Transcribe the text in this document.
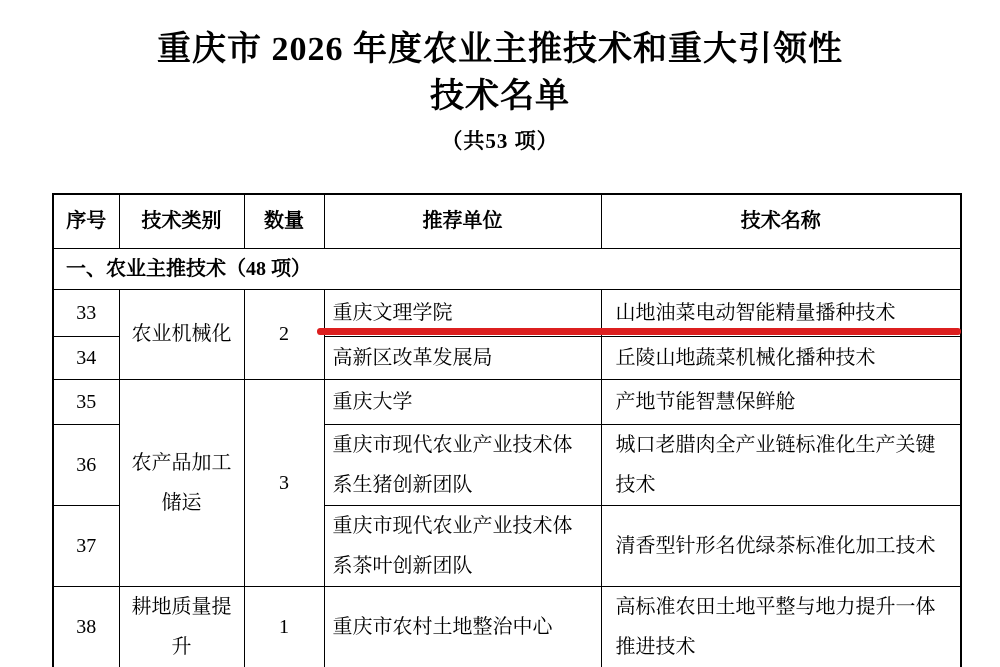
重庆市 2026 年度农业主推技术和重大引领性
技术名单
（共53 项）
序号	技术类别	数量	推荐单位	技术名称
一、农业主推技术（48 项）				
33	农业机械化	2	重庆文理学院	山地油菜电动智能精量播种技术
34			高新区改革发展局	丘陵山地蔬菜机械化播种技术
35	农产品加工储运	3	重庆大学	产地节能智慧保鲜舱
36			重庆市现代农业产业技术体系生猪创新团队	城口老腊肉全产业链标准化生产关键技术
37			重庆市现代农业产业技术体系茶叶创新团队	清香型针形名优绿茶标准化加工技术
38	耕地质量提升	1	重庆市农村土地整治中心	高标准农田土地平整与地力提升一体推进技术
